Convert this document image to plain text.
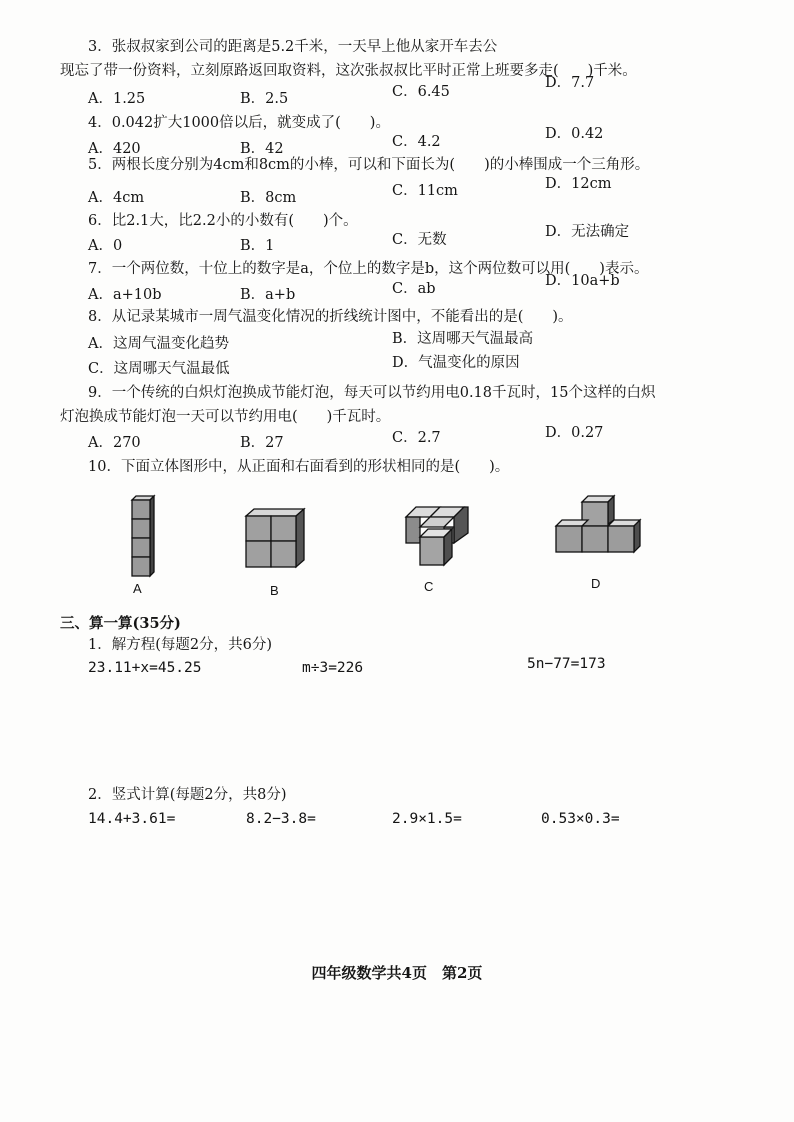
3．张叔叔家到公司的距离是5.2千米，一天早上他从家开车去公
现忘了带一份资料，立刻原路返回取资料，这次张叔叔比平时正常上班要多走(　　)千米。
A．1.25	B．2.5	C．6.45
D．7.7
4．0.042扩大1000倍以后，就变成了(　　)。
A．420	B．42	C．4.2	D．0.42
5．两根长度分别为4cm和8cm的小棒，可以和下面长为(　　)的小棒围成一个三角形。
A．4cm	B．8cm	C．11cm	D．12cm
6．比2.1大，比2.2小的小数有(　　)个。
A．0	B．1	C．无数	D．无法确定
7．一个两位数，十位上的数字是a，个位上的数字是b，这个两位数可以用(　　)表示。
A．a+10b	B．a+b	C．ab	D．10a+b
8．从记录某城市一周气温变化情况的折线统计图中，不能看出的是(　　)。
A．这周气温变化趋势	B．这周哪天气温最高
C．这周哪天气温最低	D．气温变化的原因
9．一个传统的白炽灯泡换成节能灯泡，每天可以节约用电0.18千瓦时，15个这样的白炽
灯泡换成节能灯泡一天可以节约用电(　　)千瓦时。
A．270	B．27	C．2.7	D．0.27
10．下面立体图形中，从正面和右面看到的形状相同的是(　　)。
A	B	C	D
三、算一算(35分)
1．解方程(每题2分，共6分)
23.11+x=45.25	m÷3=226	5n−77=173
2．竖式计算(每题2分，共8分)
14.4+3.61=	8.2−3.8=	2.9×1.5=	0.53×0.3=
四年级数学共4页　第2页
